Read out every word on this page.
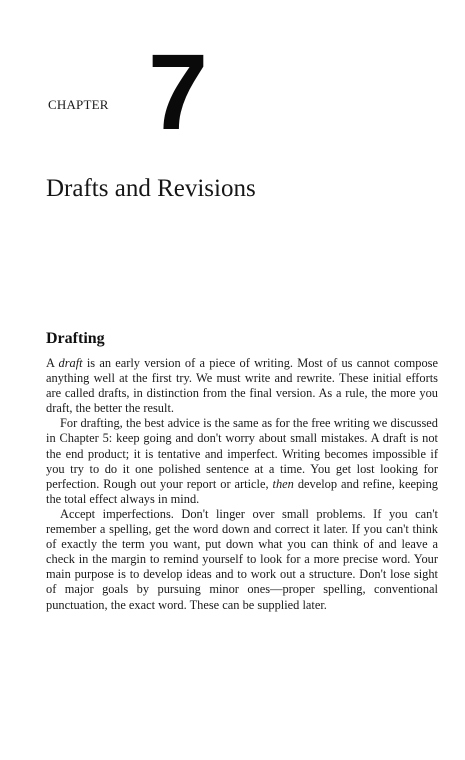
CHAPTER 7
Drafts and Revisions
Drafting

A draft is an early version of a piece of writing. Most of us cannot compose anything well at the first try. We must write and rewrite. These initial efforts are called drafts, in distinction from the final version. As a rule, the more you draft, the better the result.

For drafting, the best advice is the same as for the free writing we discussed in Chapter 5: keep going and don't worry about small mistakes. A draft is not the end product; it is tentative and imperfect. Writing becomes impossible if you try to do it one polished sentence at a time. You get lost looking for perfection. Rough out your report or article, then develop and refine, keeping the total effect always in mind.

Accept imperfections. Don't linger over small problems. If you can't remember a spelling, get the word down and correct it later. If you can't think of exactly the term you want, put down what you can think of and leave a check in the margin to remind yourself to look for a more precise word. Your main purpose is to develop ideas and to work out a structure. Don't lose sight of major goals by pursuing minor ones—proper spelling, conventional punctuation, the exact word. These can be supplied later.
